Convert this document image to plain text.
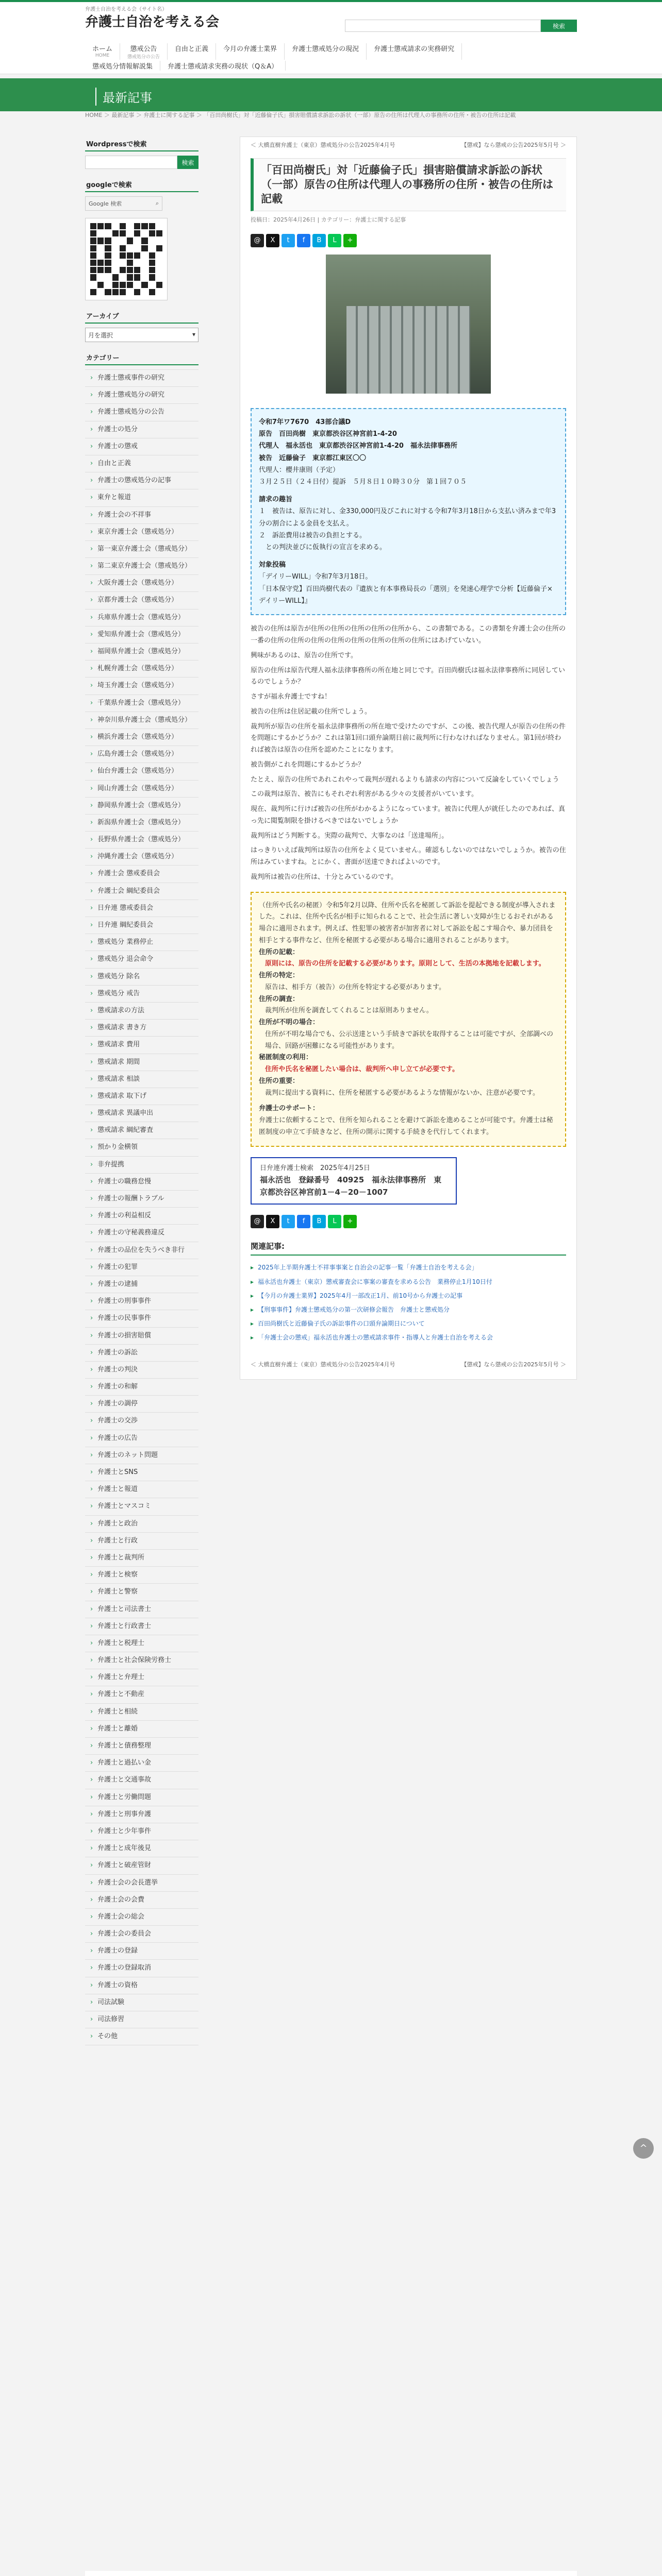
弁護士自治を考える会（サイト名）
弁護士自治を考える会	検索
ホーム
HOME
懲戒公告
懲戒処分の公告
自由と正義	今月の弁護士業界	弁護士懲戒処分の現況	弁護士懲戒請求の実務研究
懲戒処分情報解説集	弁護士懲戒請求実務の現状（Q＆A）
最新記事
HOME ＞ 最新記事 ＞ 弁護士に関する記事 ＞ 「百田尚樹氏」対「近藤倫子氏」損害賠償請求訴訟の訴状（一部）原告の住所は代理人の事務所の住所・被告の住所は記載
Wordpressで検索
検索
googleで検索
Google 検索	⌕
アーカイブ
月を選択	▾
カテゴリー
› 弁護士懲戒事件の研究
› 弁護士懲戒処分の研究
› 弁護士懲戒処分の公告
› 弁護士の処分
› 弁護士の懲戒
› 自由と正義
› 弁護士の懲戒処分の記事
› 東弁と報道
› 弁護士会の不祥事
› 東京弁護士会（懲戒処分）
› 第一東京弁護士会（懲戒処分）
› 第二東京弁護士会（懲戒処分）
› 大阪弁護士会（懲戒処分）
› 京都弁護士会（懲戒処分）
› 兵庫県弁護士会（懲戒処分）
› 愛知県弁護士会（懲戒処分）
› 福岡県弁護士会（懲戒処分）
› 札幌弁護士会（懲戒処分）
› 埼玉弁護士会（懲戒処分）
› 千葉県弁護士会（懲戒処分）
› 神奈川県弁護士会（懲戒処分）
› 横浜弁護士会（懲戒処分）
› 広島弁護士会（懲戒処分）
› 仙台弁護士会（懲戒処分）
› 岡山弁護士会（懲戒処分）
› 静岡県弁護士会（懲戒処分）
› 新潟県弁護士会（懲戒処分）
› 長野県弁護士会（懲戒処分）
› 沖縄弁護士会（懲戒処分）
› 弁護士会 懲戒委員会
› 弁護士会 綱紀委員会
› 日弁連 懲戒委員会
› 日弁連 綱紀委員会
› 懲戒処分 業務停止
› 懲戒処分 退会命令
› 懲戒処分 除名
› 懲戒処分 戒告
› 懲戒請求の方法
› 懲戒請求 書き方
› 懲戒請求 費用
› 懲戒請求 期間
› 懲戒請求 相談
› 懲戒請求 取下げ
› 懲戒請求 異議申出
› 懲戒請求 綱紀審査
› 預かり金横領
› 非弁提携
› 弁護士の職務怠慢
› 弁護士の報酬トラブル
› 弁護士の利益相反
› 弁護士の守秘義務違反
› 弁護士の品位を失うべき非行
› 弁護士の犯罪
› 弁護士の逮捕
› 弁護士の刑事事件
› 弁護士の民事事件
› 弁護士の損害賠償
› 弁護士の訴訟
› 弁護士の判決
› 弁護士の和解
› 弁護士の調停
› 弁護士の交渉
› 弁護士の広告
› 弁護士のネット問題
› 弁護士とSNS
› 弁護士と報道
› 弁護士とマスコミ
› 弁護士と政治
› 弁護士と行政
› 弁護士と裁判所
› 弁護士と検察
› 弁護士と警察
› 弁護士と司法書士
› 弁護士と行政書士
› 弁護士と税理士
› 弁護士と社会保険労務士
› 弁護士と弁理士
› 弁護士と不動産
› 弁護士と相続
› 弁護士と離婚
› 弁護士と債務整理
› 弁護士と過払い金
› 弁護士と交通事故
› 弁護士と労働問題
› 弁護士と刑事弁護
› 弁護士と少年事件
› 弁護士と成年後見
› 弁護士と破産管財
› 弁護士会の会長選挙
› 弁護士会の会費
› 弁護士会の総会
› 弁護士会の委員会
› 弁護士の登録
› 弁護士の登録取消
› 弁護士の資格
› 司法試験
› 司法修習
› その他
＜ 大橋直樹弁護士（東京）懲戒処分の公告2025年4月号	【懲戒】なら懲戒の公告2025年5月号 ＞
「百田尚樹氏」対「近藤倫子氏」損害賠償請求訴訟の訴状（一部）原告の住所は代理人の事務所の住所・被告の住所は記載
投稿日：2025年4月26日 | カテゴリー：弁護士に関する記事
@	X	t	f	B	L	+
令和7年ワ7670　43部合議D
原告　百田尚樹　東京都渋谷区神宮前1-4-20
代理人　福永活也　東京都渋谷区神宮前1-4-20　福永法律事務所
被告　近藤倫子　東京都江東区〇〇
代理人：櫻井康則（予定）
３月２５日（２４日付）提訴　５月８日１０時３０分　第１回７０５
請求の趣旨
１　被告は、原告に対し、金330,000円及びこれに対する令和7年3月18日から支払い済みまで年3分の割合による金員を支払え。
２　訴訟費用は被告の負担とする。
　との判決並びに仮執行の宣言を求める。
対象投稿
「デイリーWILL」令和7年3月18日。
「日本保守党】百田尚樹代表の『遺族と有本事務局長の「選別」を発速心理学で分析【近藤倫子×デイリーWILL】』

被告の住所は原告が住所の住所の住所の住所の住所から、この書類である。この書類を弁護士会の住所の一番の住所の住所の住所の住所の住所の住所の住所の住所にはあげていない。

興味があるのは、原告の住所です。

原告の住所は原告代理人福永法律事務所の所在地と同じです。百田尚樹氏は福永法律事務所に同居しているのでしょうか？

さすが福永弁護士ですね！

被告の住所は住居記載の住所でしょう。

裁判所が原告の住所を福永法律事務所の所在地で受けたのですが、この後、被告代理人が原告の住所の件を問題にするかどうか？これは第1回口頭弁論期日前に裁判所に行わなければなりません。第1回が終われば被告は原告の住所を認めたことになります。

被告側がこれを問題にするかどうか？

たとえ、原告の住所であれこれやって裁判が遅れるよりも請求の内容について反論をしていくでしょう

この裁判は原告、被告にもそれぞれ利害がある少々の支援者がいています。

現在、裁判所に行けば被告の住所がわかるようになっています。被告に代理人が就任したのであれば、真っ先に閲覧制限を掛けるべきではないでしょうか

裁判所はどう判断する。実際の裁判で、大事なのは「送達場所」。

はっきりいえば裁判所は原告の住所をよく見ていません。確認もしないのではないでしょうか。被告の住所はみていますね。とにかく、書面が送達できればよいのです。

裁判所は被告の住所は、十分とみているのです。

（住所や氏名の秘匿）令和5年2月以降、住所や氏名を秘匿して訴訟を提起できる制度が導入されました。これは、住所や氏名が相手に知られることで、社会生活に著しい支障が生じるおそれがある場合に適用されます。例えば、性犯罪の被害者が加害者に対して訴訟を起こす場合や、暴力団員を相手とする事件など、住所を秘匿する必要がある場合に適用されることがあります。

住所の記載：

原則には、原告の住所を記載する必要があります。原則として、生活の本拠地を記載します。

住所の特定：

原告は、相手方（被告）の住所を特定する必要があります。

住所の調査：

裁判所が住所を調査してくれることは原則ありません。

住所が不明の場合：

住所が不明な場合でも、公示送達という手続きで訴状を取得することは可能ですが、全部調べの場合、回路が困難になる可能性があります。

秘匿制度の利用：

住所や氏名を秘匿したい場合は、裁判所へ申し立てが必要です。

住所の重要：

裁判に提出する資料に、住所を秘匿する必要があるような情報がないか、注意が必要です。

弁護士のサポート：

弁護士に依頼することで、住所を知られることを避けて訴訟を進めることが可能です。弁護士は秘匿制度の申立て手続きなど、住所の開示に関する手続きを代行してくれます。

日弁連弁護士検索　2025年4月25日
福永活也　登録番号　40925　福永法律事務所　東京都渋谷区神宮前1－4－20－1007
@	X	t	f	B	L	+
関連記事:
▸ 2025年上半期弁護士不祥事事案と自治会の記事一覧「弁護士自治を考える会」
▸ 福永活也弁護士（東京）懲戒審査会に事案の審査を求める公告　業務停止1月10日付
▸ 【今月の弁護士業界】2025年4月一部改正1月、前10号から弁護士の記事
▸ 【刑事事件】弁護士懲戒処分の第一次研修会報告　弁護士と懲戒処分
▸ 百田尚樹氏と近藤倫子氏の訴訟事件の口頭弁論期日について
▸ 「弁護士会の懲戒」福永活也弁護士の懲戒請求事件・指導人と弁護士自治を考える会
＜ 大橋直樹弁護士（東京）懲戒処分の公告2025年4月号	【懲戒】なら懲戒の公告2025年5月号 ＞
^
